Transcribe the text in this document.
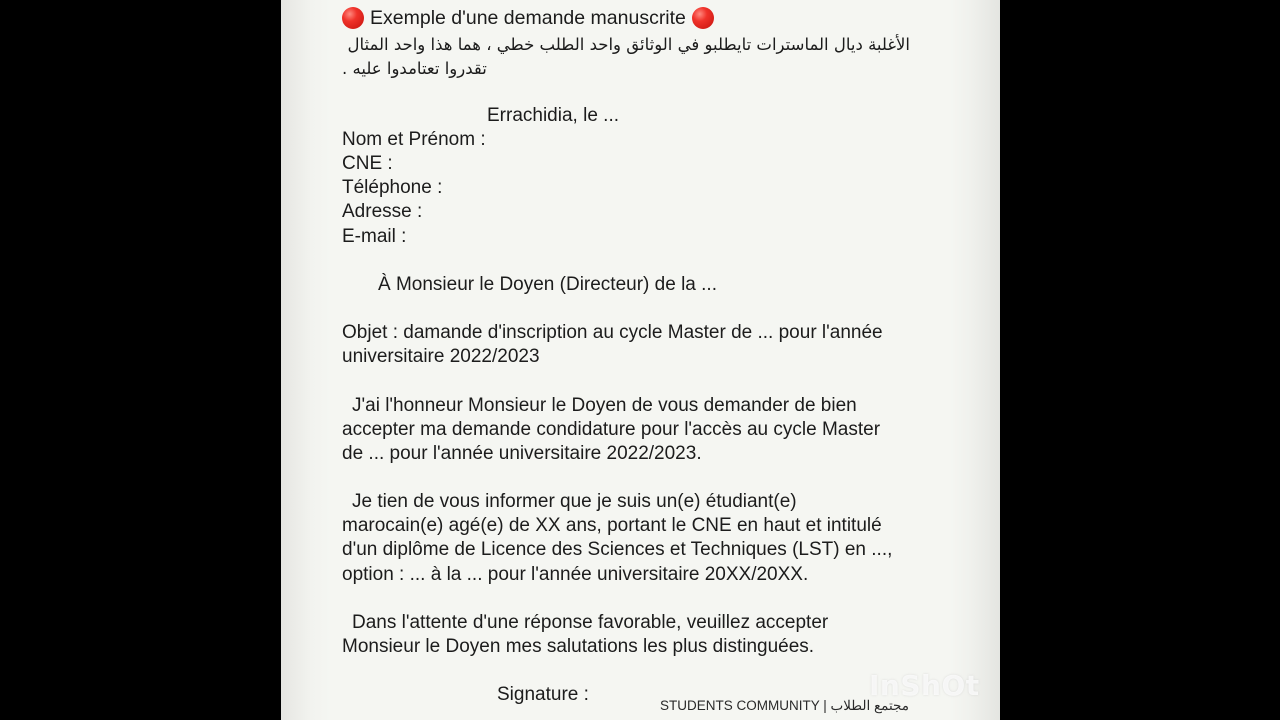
Exemple d'une demande manuscrite
الأغلبة ديال الماسترات تايطلبو في الوثائق واحد الطلب خطي ، هما هذا واحد المثال
تقدروا تعتامدوا عليه .
Errachidia, le ...
Nom et Prénom :
CNE :
Téléphone :
Adresse :
E-mail :
À Monsieur le Doyen (Directeur) de la ...
Objet : damande d'inscription au cycle Master de ... pour l'année
universitaire 2022/2023
J'ai l'honneur Monsieur le Doyen de vous demander de bien
accepter ma demande condidature pour l'accès au cycle Master
de ... pour l'année universitaire 2022/2023.
Je tien de vous informer que je suis un(e) étudiant(e)
marocain(e) agé(e) de XX ans, portant le CNE en haut et intitulé
d'un diplôme de Licence des Sciences et Techniques (LST) en ...,
option : ... à la ... pour l'année universitaire 20XX/20XX.
Dans l'attente d'une réponse favorable, veuillez accepter
Monsieur le Doyen mes salutations les plus distinguées.
Signature :	InShOt
STUDENTS COMMUNITY | مجتمع الطلاب
